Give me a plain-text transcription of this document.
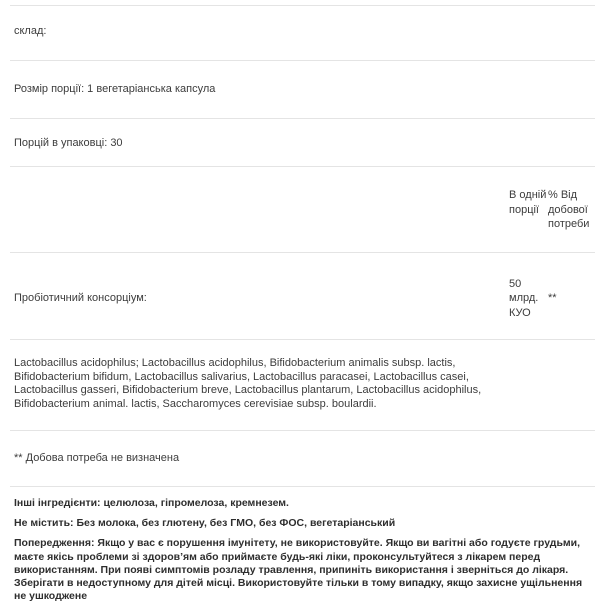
склад:
Розмір порції: 1 вегетаріанська капсула
Порцій в упаковці: 30
В одній порції
% Від добової потреби
Пробіотичний консорціум:
50 млрд. КУО
**

Lactobacillus acidophilus; Lactobacillus acidophilus, Bifidobacterium animalis subsp. lactis, Bifidobacterium bifidum, Lactobacillus salivarius, Lactobacillus paracasei, Lactobacillus casei, Lactobacillus gasseri, Bifidobacterium breve, Lactobacillus plantarum, Lactobacillus acidophilus, Bifidobacterium animal. lactis, Saccharomyces cerevisiae subsp. boulardii.

** Добова потреба не визначена

Інші інгредієнти: целюлоза, гіпромелоза, кремнезем.

Не містить: Без молока, без глютену, без ГМО, без ФОС, вегетаріанський

Попередження: Якщо у вас є порушення імунітету, не використовуйте. Якщо ви вагітні або годуєте грудьми, маєте якісь проблеми зі здоров’ям або приймаєте будь-які ліки, проконсультуйтеся з лікарем перед використанням. При появі симптомів розладу травлення, припиніть використання і зверніться до лікаря. Зберігати в недоступному для дітей місці. Використовуйте тільки в тому випадку, якщо захисне ущільнення не ушкоджене
